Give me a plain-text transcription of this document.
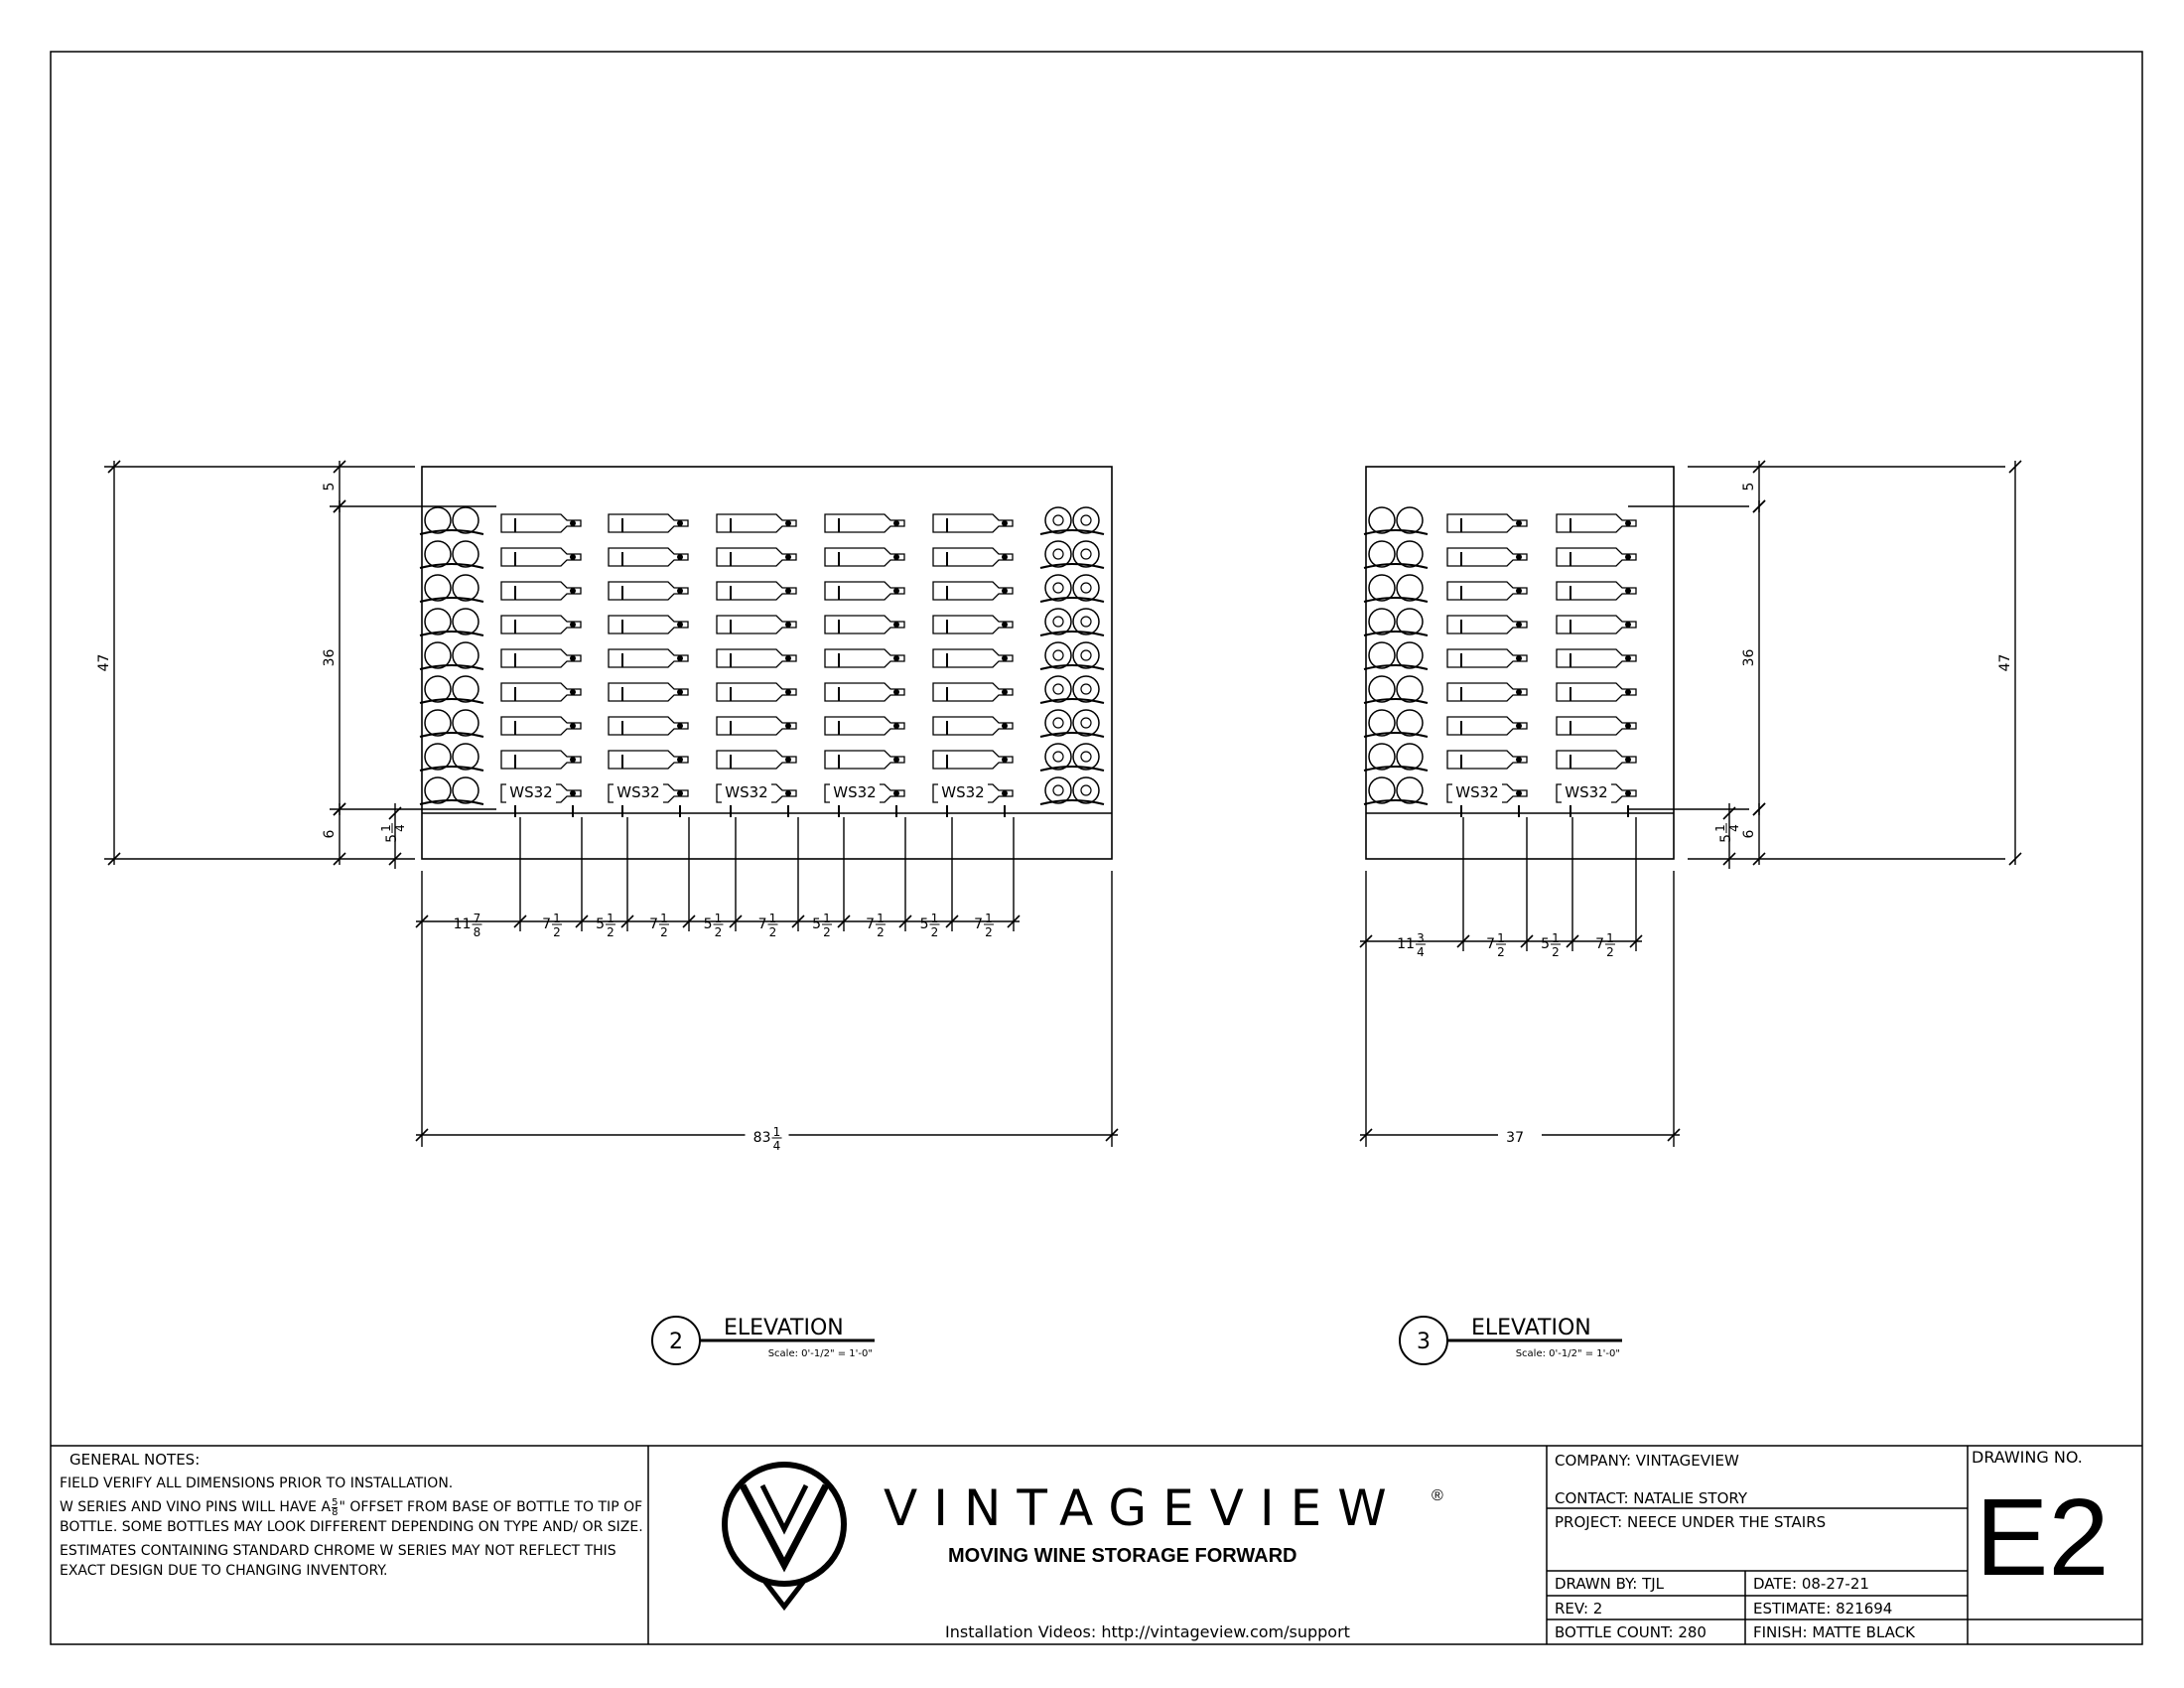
WS32	WS32	WS32	WS32	WS32
11 7
8	7 1
2	5 1
2	7 1
2	5 1
2	7 1
2	5 1
2	7 1
2	5 1
2	7 1
2
83 1
4
47
5
36
6	5
1 4
2
ELEVATION
Scale: 0'-1/2" = 1'-0"
WS32	WS32
11 3
4	7 1
2	5 1
2	7 1
2
37
47
5
36
6
5
1 4
3
ELEVATION
Scale: 0'-1/2" = 1'-0"
GENERAL NOTES:
FIELD VERIFY ALL DIMENSIONS PRIOR TO INSTALLATION.
W SERIES AND VINO PINS WILL HAVE A $\frac{5}{8}$ " OFFSET FROM BASE OF BOTTLE TO TIP OF BOTTLE. SOME BOTTLES MAY LOOK DIFFERENT DEPENDING ON TYPE AND/ OR SIZE.
ESTIMATES CONTAINING STANDARD CHROME W SERIES MAY NOT REFLECT THIS EXACT DESIGN DUE TO CHANGING INVENTORY.
VINTAGEVIEW ®
MOVING WINE STORAGE FORWARD
Installation Videos: http://vintageview.com/support
COMPANY: VINTAGEVIEW
CONTACT: NATALIE STORY
PROJECT: NEECE UNDER THE STAIRS
DRAWN BY: TJL	DATE: 08-27-21
REV: 2	ESTIMATE: 821694
BOTTLE COUNT: 280	FINISH: MATTE BLACK
DRAWING NO.
E2
